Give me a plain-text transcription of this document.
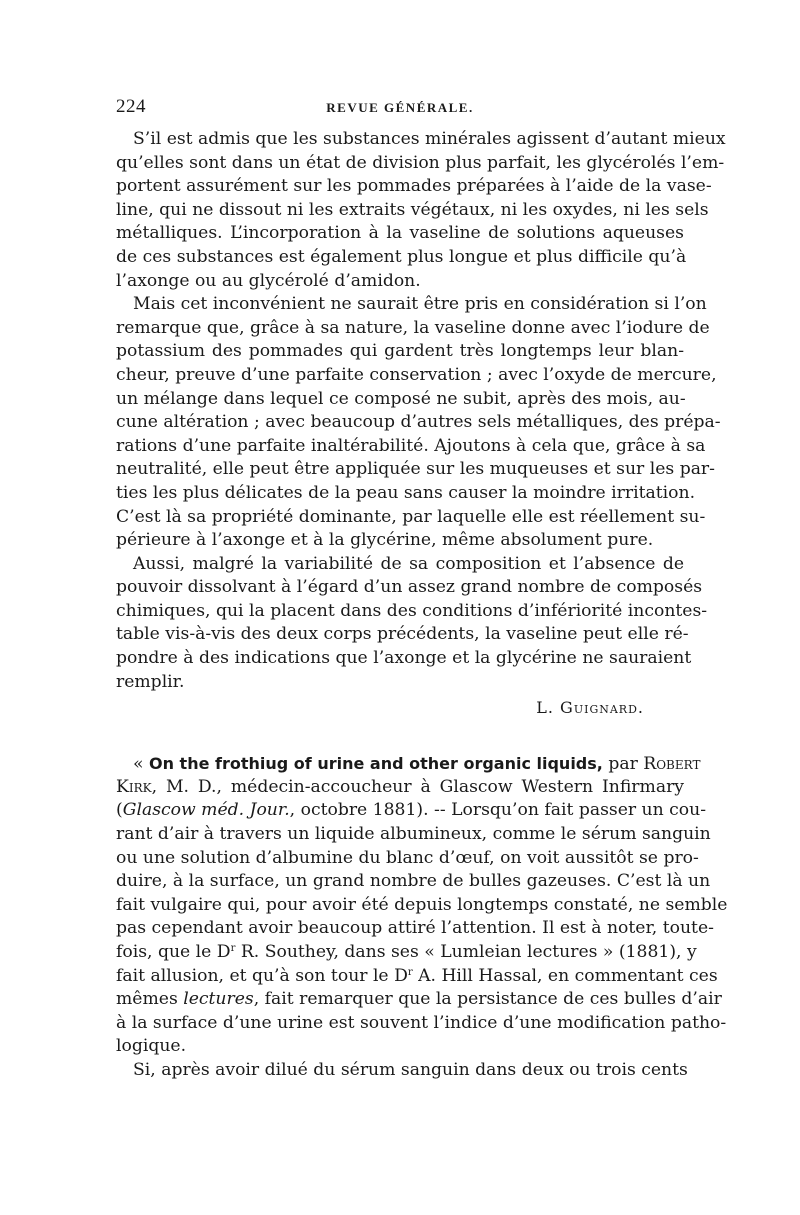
224	REVUE GÉNÉRALE.
S’il est admis que les substances minérales agissent d’autant mieux
qu’elles sont dans un état de division plus parfait, les glycérolés l’em-
portent assurément sur les pommades préparées à l’aide de la vase-
line, qui ne dissout ni les extraits végétaux, ni les oxydes, ni les sels
métalliques. L’incorporation à la vaseline de solutions aqueuses
de ces substances est également plus longue et plus difficile qu’à
l’axonge ou au glycérolé d’amidon.
Mais cet inconvénient ne saurait être pris en considération si l’on
remarque que, grâce à sa nature, la vaseline donne avec l’iodure de
potassium des pommades qui gardent très longtemps leur blan-
cheur, preuve d’une parfaite conservation ; avec l’oxyde de mercure,
un mélange dans lequel ce composé ne subit, après des mois, au-
cune altération ; avec beaucoup d’autres sels métalliques, des prépa-
rations d’une parfaite inaltérabilité. Ajoutons à cela que, grâce à sa
neutralité, elle peut être appliquée sur les muqueuses et sur les par-
ties les plus délicates de la peau sans causer la moindre irritation.
C’est là sa propriété dominante, par laquelle elle est réellement su-
périeure à l’axonge et à la glycérine, même absolument pure.
Aussi, malgré la variabilité de sa composition et l’absence de
pouvoir dissolvant à l’égard d’un assez grand nombre de composés
chimiques, qui la placent dans des conditions d’infériorité incontes-
table vis-à-vis des deux corps précédents, la vaseline peut elle ré-
pondre à des indications que l’axonge et la glycérine ne sauraient
remplir.
L. Guignard.
« On the frothiug of urine and other organic liquids, par Robert
Kirk, M. D., médecin-accoucheur à Glascow Western Infirmary
(Glascow méd. Jour., octobre 1881). -- Lorsqu’on fait passer un cou-
rant d’air à travers un liquide albumineux, comme le sérum sanguin
ou une solution d’albumine du blanc d’œuf, on voit aussitôt se pro-
duire, à la surface, un grand nombre de bulles gazeuses. C’est là un
fait vulgaire qui, pour avoir été depuis longtemps constaté, ne semble
pas cependant avoir beaucoup attiré l’attention. Il est à noter, toute-
fois, que le $D^r$ R. Southey, dans ses « Lumleian lectures » (1881), y
fait allusion, et qu’à son tour le $D^r$ A. Hill Hassal, en commentant ces
mêmes lectures, fait remarquer que la persistance de ces bulles d’air
à la surface d’une urine est souvent l’indice d’une modification patho-
logique.
Si, après avoir dilué du sérum sanguin dans deux ou trois cents
